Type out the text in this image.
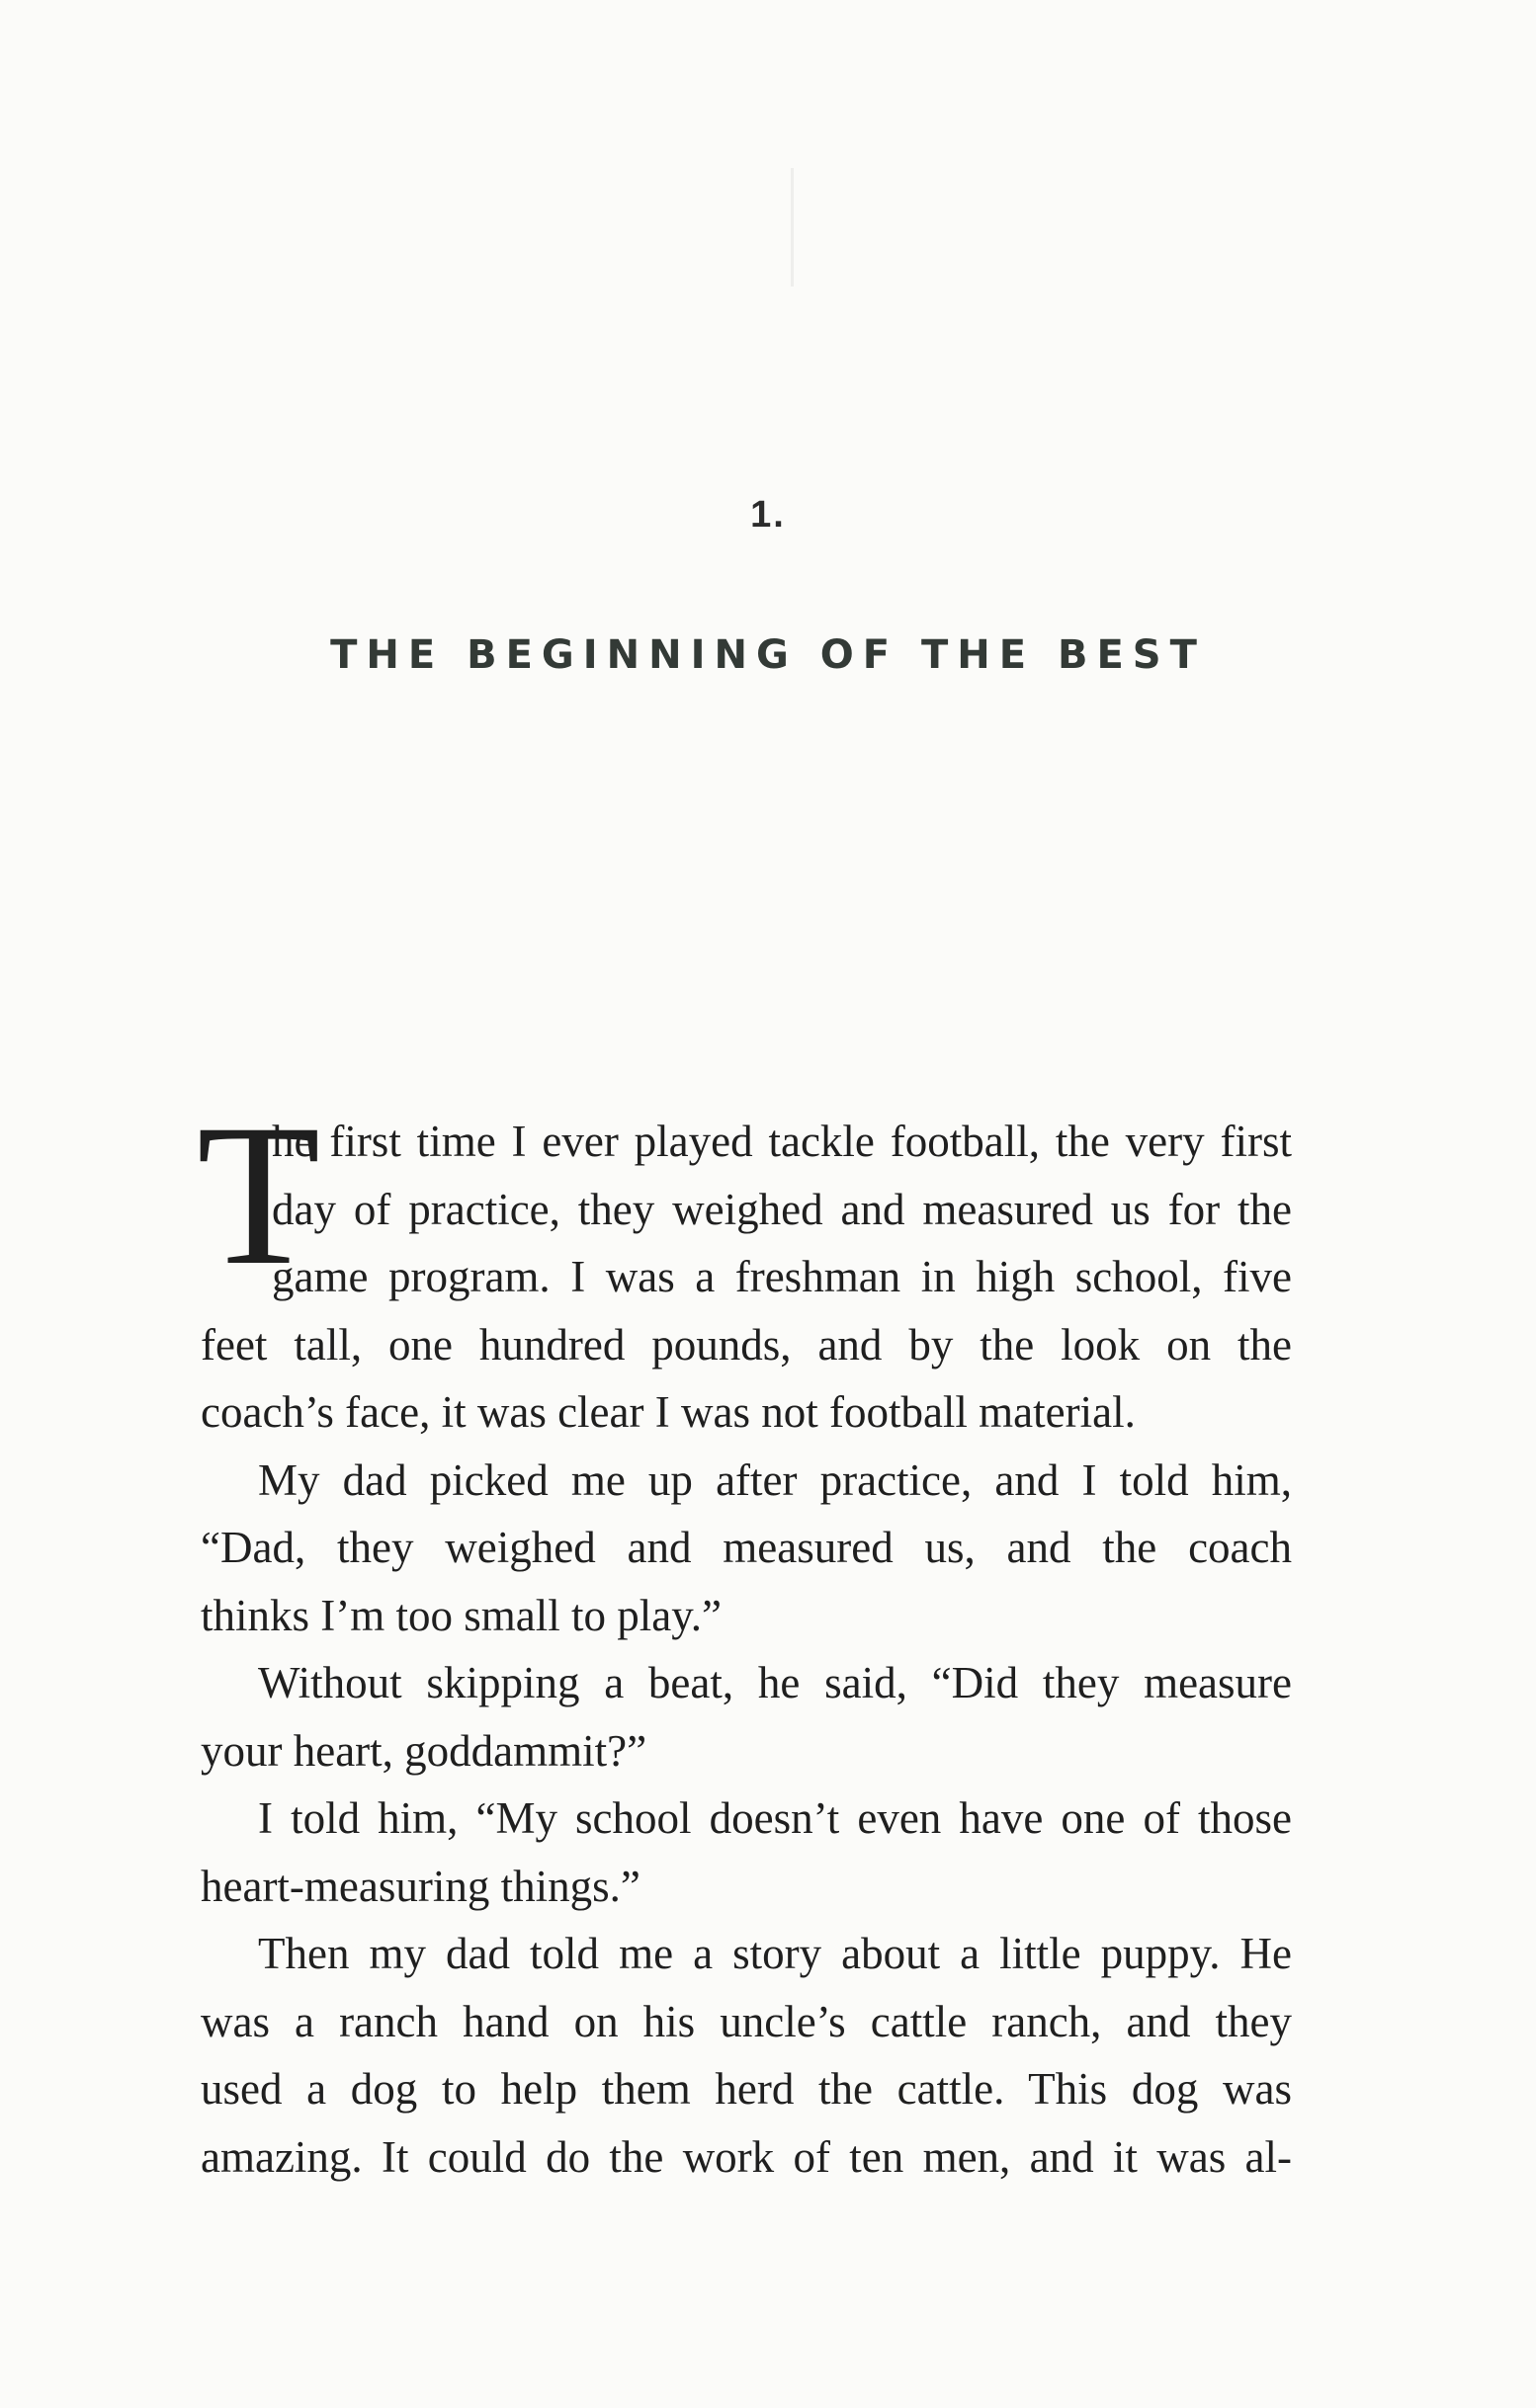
1.
THE BEGINNING OF THE BEST
T
he first time I ever played tackle football, the very first
day of practice, they weighed and measured us for the
game program. I was a freshman in high school, five
feet tall, one hundred pounds, and by the look on the
coach’s face, it was clear I was not football material.
My dad picked me up after practice, and I told him,
“Dad, they weighed and measured us, and the coach
thinks I’m too small to play.”
Without skipping a beat, he said, “Did they measure
your heart, goddammit?”
I told him, “My school doesn’t even have one of those
heart-measuring things.”
Then my dad told me a story about a little puppy. He
was a ranch hand on his uncle’s cattle ranch, and they
used a dog to help them herd the cattle. This dog was
amazing. It could do the work of ten men, and it was al-
